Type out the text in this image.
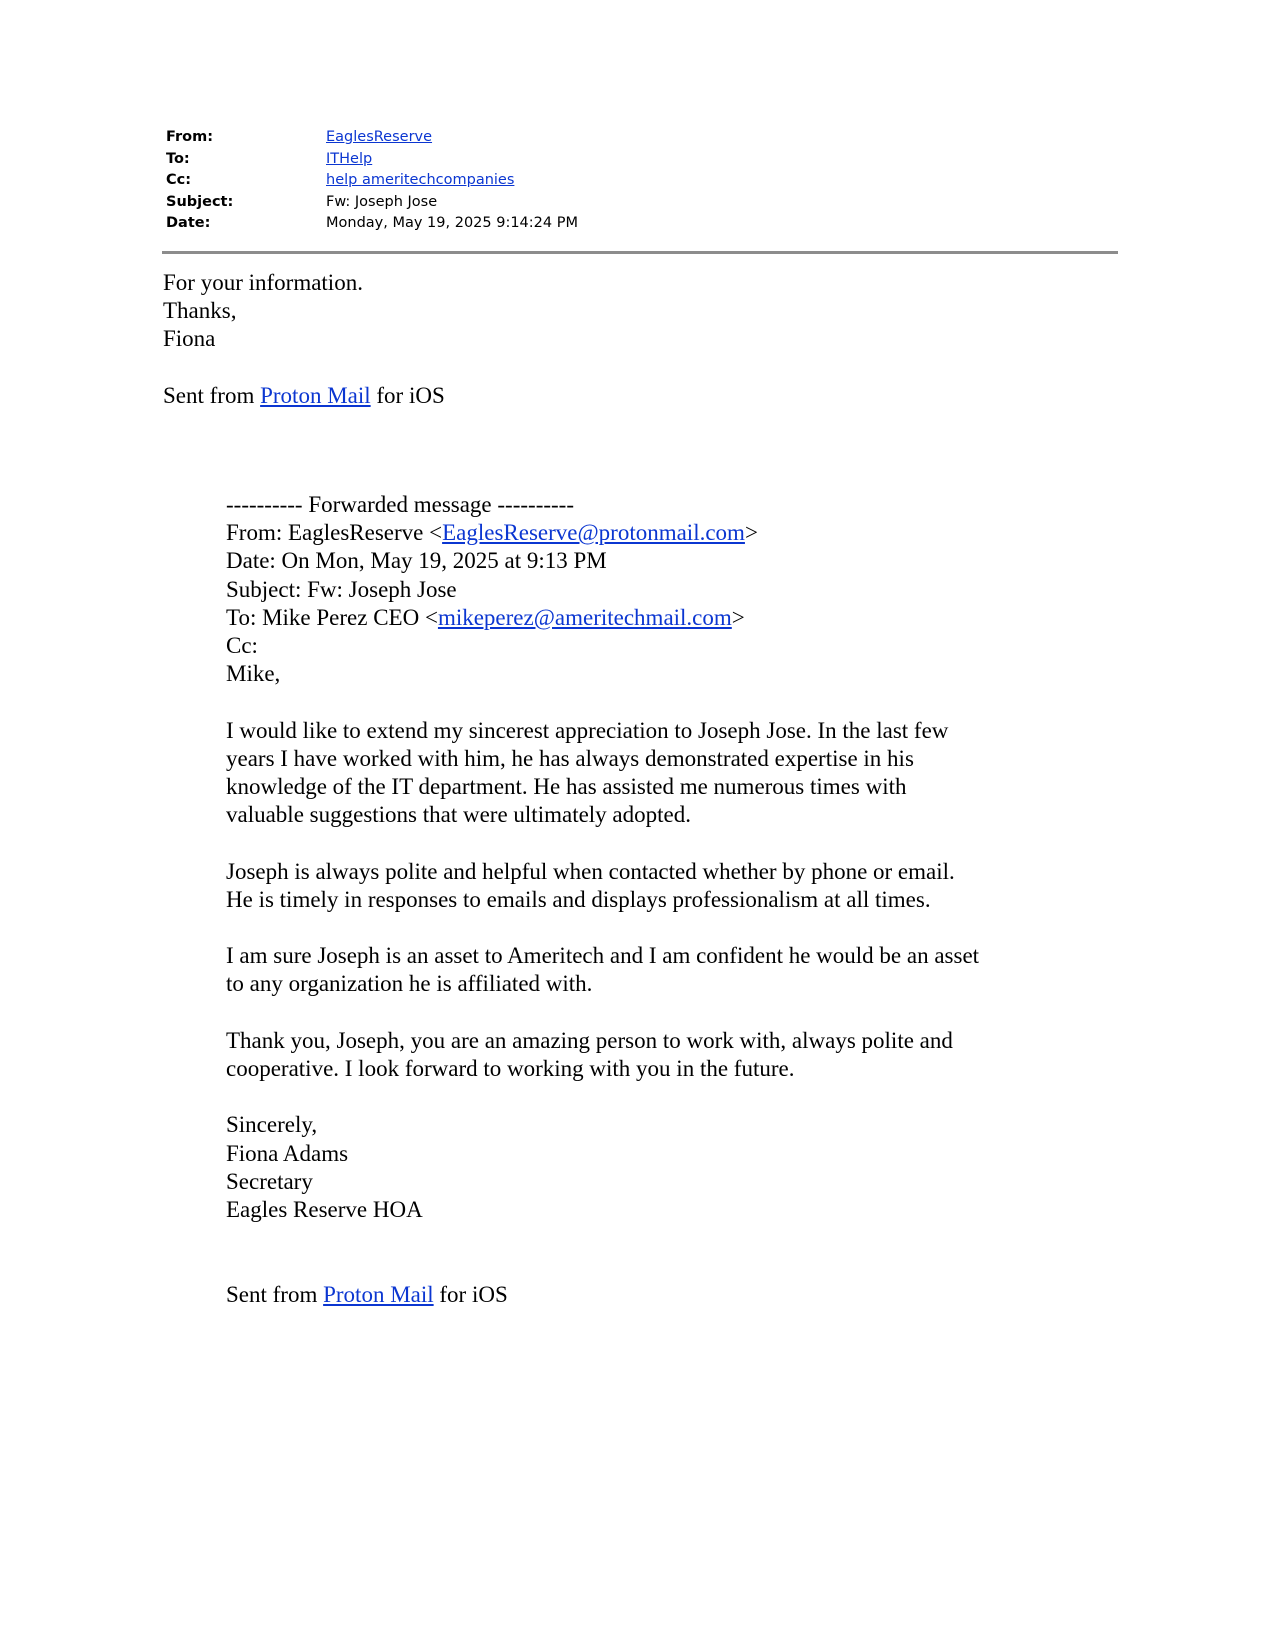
From:	EaglesReserve
To:	ITHelp
Cc:	help ameritechcompanies
Subject:	Fw: Joseph Jose
Date:	Monday, May 19, 2025 9:14:24 PM
For your information.
Thanks,
Fiona
Sent from Proton Mail for iOS
---------- Forwarded message ----------
From: EaglesReserve <EaglesReserve@protonmail.com>
Date: On Mon, May 19, 2025 at 9:13 PM
Subject: Fw: Joseph Jose
To: Mike Perez CEO <mikeperez@ameritechmail.com>
Cc:
Mike,
I would like to extend my sincerest appreciation to Joseph Jose. In the last few
years I have worked with him, he has always demonstrated expertise in his
knowledge of the IT department. He has assisted me numerous times with
valuable suggestions that were ultimately adopted.
Joseph is always polite and helpful when contacted whether by phone or email.
He is timely in responses to emails and displays professionalism at all times.
I am sure Joseph is an asset to Ameritech and I am confident he would be an asset
to any organization he is affiliated with.
Thank you, Joseph, you are an amazing person to work with, always polite and
cooperative. I look forward to working with you in the future.
Sincerely,
Fiona Adams
Secretary
Eagles Reserve HOA
Sent from Proton Mail for iOS
